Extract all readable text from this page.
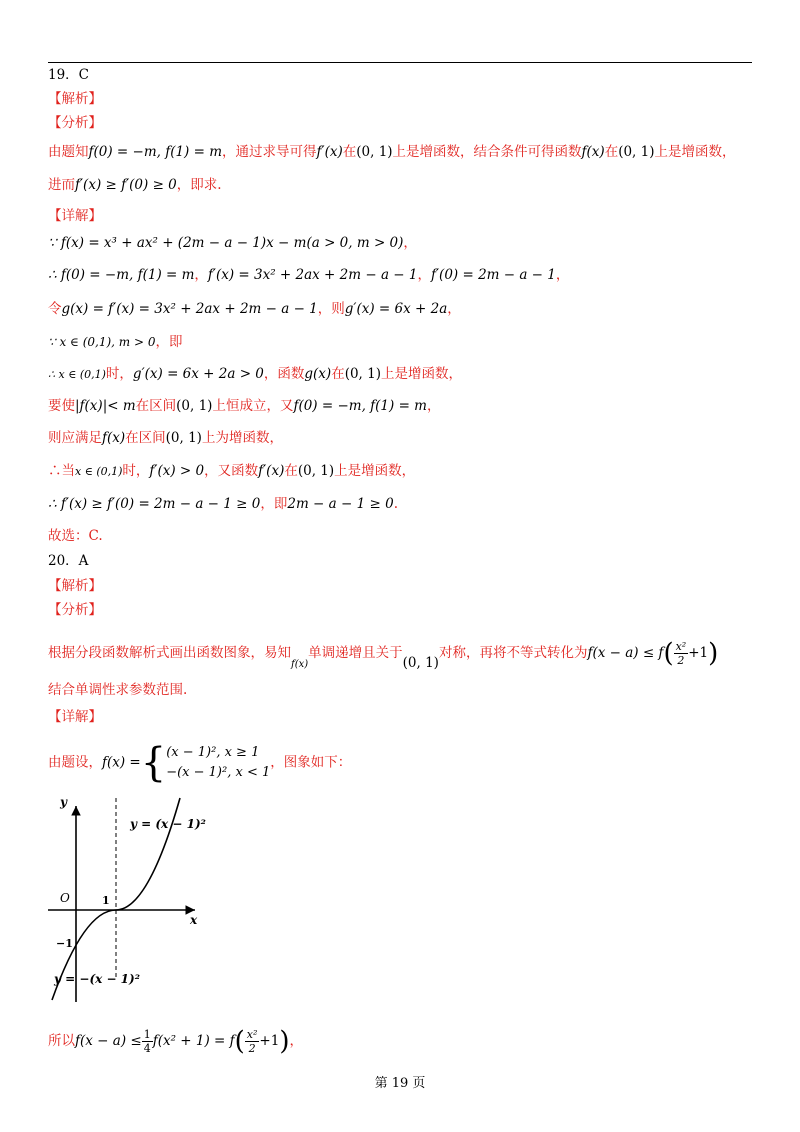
19．C
【解析】
【分析】
由题知f(0) = −m, f(1) = m，通过求导可得f′(x)在(0, 1)上是增函数，结合条件可得函数f(x)在(0, 1)上是增函数，
进而f′(x) ≥ f′(0) ≥ 0，即求.
【详解】
∵ f(x) = x³ + ax² + (2m − a − 1)x − m(a > 0, m > 0)，
∴ f(0) = −m, f(1) = m，f′(x) = 3x² + 2ax + 2m − a − 1，f′(0) = 2m − a − 1，
令g(x) = f′(x) = 3x² + 2ax + 2m − a − 1，则g′(x) = 6x + 2a，
∵ x ∈ (0,1), m > 0，即
∴ x ∈ (0,1)时，g′(x) = 6x + 2a > 0，函数g(x)在(0, 1)上是增函数，
要使|f(x)|< m在区间(0, 1)上恒成立，又f(0) = −m, f(1) = m，
则应满足f(x)在区间(0, 1)上为增函数，
∴当x ∈ (0,1)时，f′(x) > 0，又函数f′(x)在(0, 1)上是增函数，
∴ f′(x) ≥ f′(0) = 2m − a − 1 ≥ 0，即2m − a − 1 ≥ 0.
故选：C.
20．A
【解析】
【分析】
根据分段函数解析式画出函数图象，易知$_{f(x)}$单调递增且关于(0, 1)对称，再将不等式转化为$f(x - a) \le f( \frac{\text{x²}}{2} +1)$
结合单调性求参数范围.
【详解】
由题设，f(x) ={ (x − 1)², x ≥ 1
−(x − 1)², x < 1
，图象如下：
y
x
O	1
−1
y = (x − 1)²
y = −(x − 1)²
所以$f(x - a) \le \frac{1}{4} f(x^2 + 1) = f( \frac{\text{x²}}{2} +1)$，
第 19 页
